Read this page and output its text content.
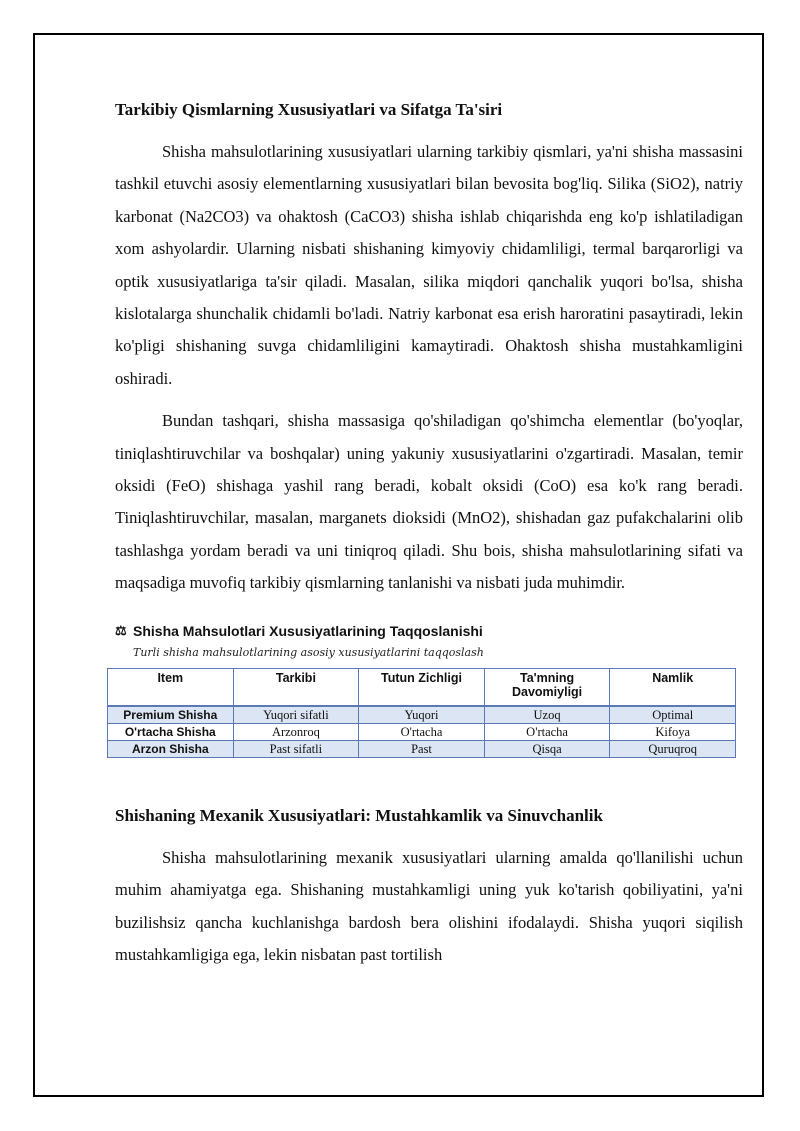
Tarkibiy Qismlarning Xususiyatlari va Sifatga Ta'siri

Shisha mahsulotlarining xususiyatlari ularning tarkibiy qismlari, ya'ni shisha massasini tashkil etuvchi asosiy elementlarning xususiyatlari bilan bevosita bog'liq. Silika (SiO2), natriy karbonat (Na2CO3) va ohaktosh (CaCO3) shisha ishlab chiqarishda eng ko'p ishlatiladigan xom ashyolardir. Ularning nisbati shishaning kimyoviy chidamliligi, termal barqarorligi va optik xususiyatlariga ta'sir qiladi. Masalan, silika miqdori qanchalik yuqori bo'lsa, shisha kislotalarga shunchalik chidamli bo'ladi. Natriy karbonat esa erish haroratini pasaytiradi, lekin ko'pligi shishaning suvga chidamliligini kamaytiradi. Ohaktosh shisha mustahkamligini oshiradi.

Bundan tashqari, shisha massasiga qo'shiladigan qo'shimcha elementlar (bo'yoqlar, tiniqlashtiruvchilar va boshqalar) uning yakuniy xususiyatlarini o'zgartiradi. Masalan, temir oksidi (FeO) shishaga yashil rang beradi, kobalt oksidi (CoO) esa ko'k rang beradi. Tiniqlashtiruvchilar, masalan, marganets dioksidi (MnO2), shishadan gaz pufakchalarini olib tashlashga yordam beradi va uni tiniqroq qiladi. Shu bois, shisha mahsulotlarining sifati va maqsadiga muvofiq tarkibiy qismlarning tanlanishi va nisbati juda muhimdir.

⚖ Shisha Mahsulotlari Xususiyatlarining Taqqoslanishi
Turli shisha mahsulotlarining asosiy xususiyatlarini taqqoslash
Item	Tarkibi	Tutun Zichligi	Ta'mning Davomiyligi	Namlik
Premium Shisha	Yuqori sifatli	Yuqori	Uzoq	Optimal
O'rtacha Shisha	Arzonroq	O'rtacha	O'rtacha	Kifoya
Arzon Shisha	Past sifatli	Past	Qisqa	Quruqroq
Shishaning Mexanik Xususiyatlari: Mustahkamlik va Sinuvchanlik

Shisha mahsulotlarining mexanik xususiyatlari ularning amalda qo'llanilishi uchun muhim ahamiyatga ega. Shishaning mustahkamligi uning yuk ko'tarish qobiliyatini, ya'ni buzilishsiz qancha kuchlanishga bardosh bera olishini ifodalaydi. Shisha yuqori siqilish mustahkamligiga ega, lekin nisbatan past tortilish
